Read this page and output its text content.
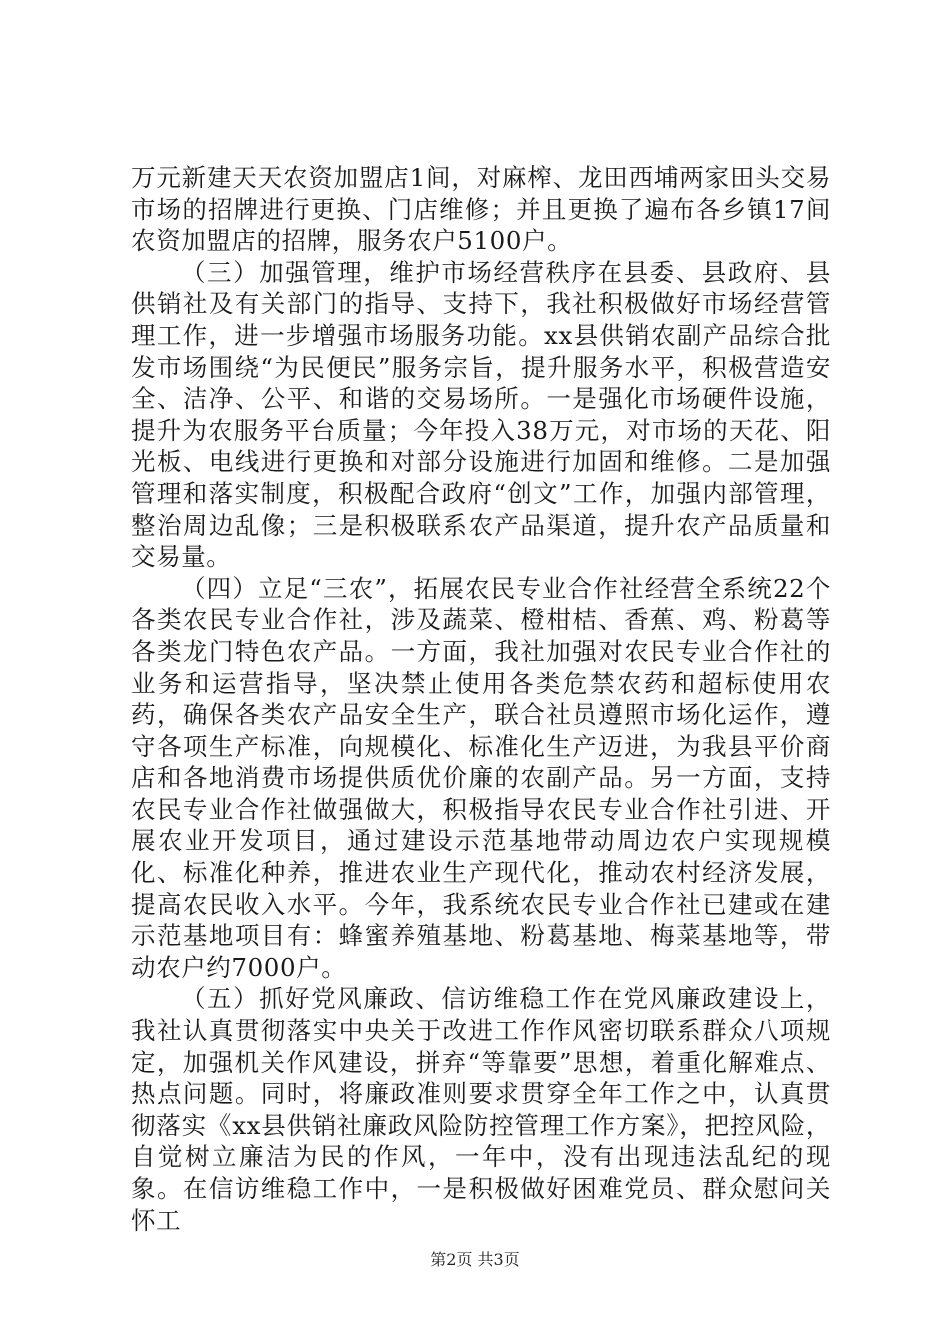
万元新建天天农资加盟店1间，对麻榨、龙田西埔两家田头交易市场的招牌进行更换、门店维修；并且更换了遍布各乡镇17间农资加盟店的招牌，服务农户5100户。

（三）加强管理，维护市场经营秩序在县委、县政府、县供销社及有关部门的指导、支持下，我社积极做好市场经营管理工作，进一步增强市场服务功能。xx县供销农副产品综合批发市场围绕“为民便民”服务宗旨，提升服务水平，积极营造安全、洁净、公平、和谐的交易场所。一是强化市场硬件设施，提升为农服务平台质量；今年投入38万元，对市场的天花、阳光板、电线进行更换和对部分设施进行加固和维修。二是加强管理和落实制度，积极配合政府“创文”工作，加强内部管理，整治周边乱像；三是积极联系农产品渠道，提升农产品质量和交易量。

（四）立足“三农”，拓展农民专业合作社经营全系统22个各类农民专业合作社，涉及蔬菜、橙柑桔、香蕉、鸡、粉葛等各类龙门特色农产品。一方面，我社加强对农民专业合作社的业务和运营指导，坚决禁止使用各类危禁农药和超标使用农药，确保各类农产品安全生产，联合社员遵照市场化运作，遵守各项生产标准，向规模化、标准化生产迈进，为我县平价商店和各地消费市场提供质优价廉的农副产品。另一方面，支持农民专业合作社做强做大，积极指导农民专业合作社引进、开展农业开发项目，通过建设示范基地带动周边农户实现规模化、标准化种养，推进农业生产现代化，推动农村经济发展，提高农民收入水平。今年，我系统农民专业合作社已建或在建示范基地项目有：蜂蜜养殖基地、粉葛基地、梅菜基地等，带动农户约7000户。

（五）抓好党风廉政、信访维稳工作在党风廉政建设上，我社认真贯彻落实中央关于改进工作作风密切联系群众八项规定，加强机关作风建设，拼弃“等靠要”思想，着重化解难点、热点问题。同时，将廉政准则要求贯穿全年工作之中，认真贯彻落实《xx县供销社廉政风险防控管理工作方案》，把控风险，自觉树立廉洁为民的作风，一年中，没有出现违法乱纪的现象。在信访维稳工作中，一是积极做好困难党员、群众慰问关怀工

第2页 共3页
